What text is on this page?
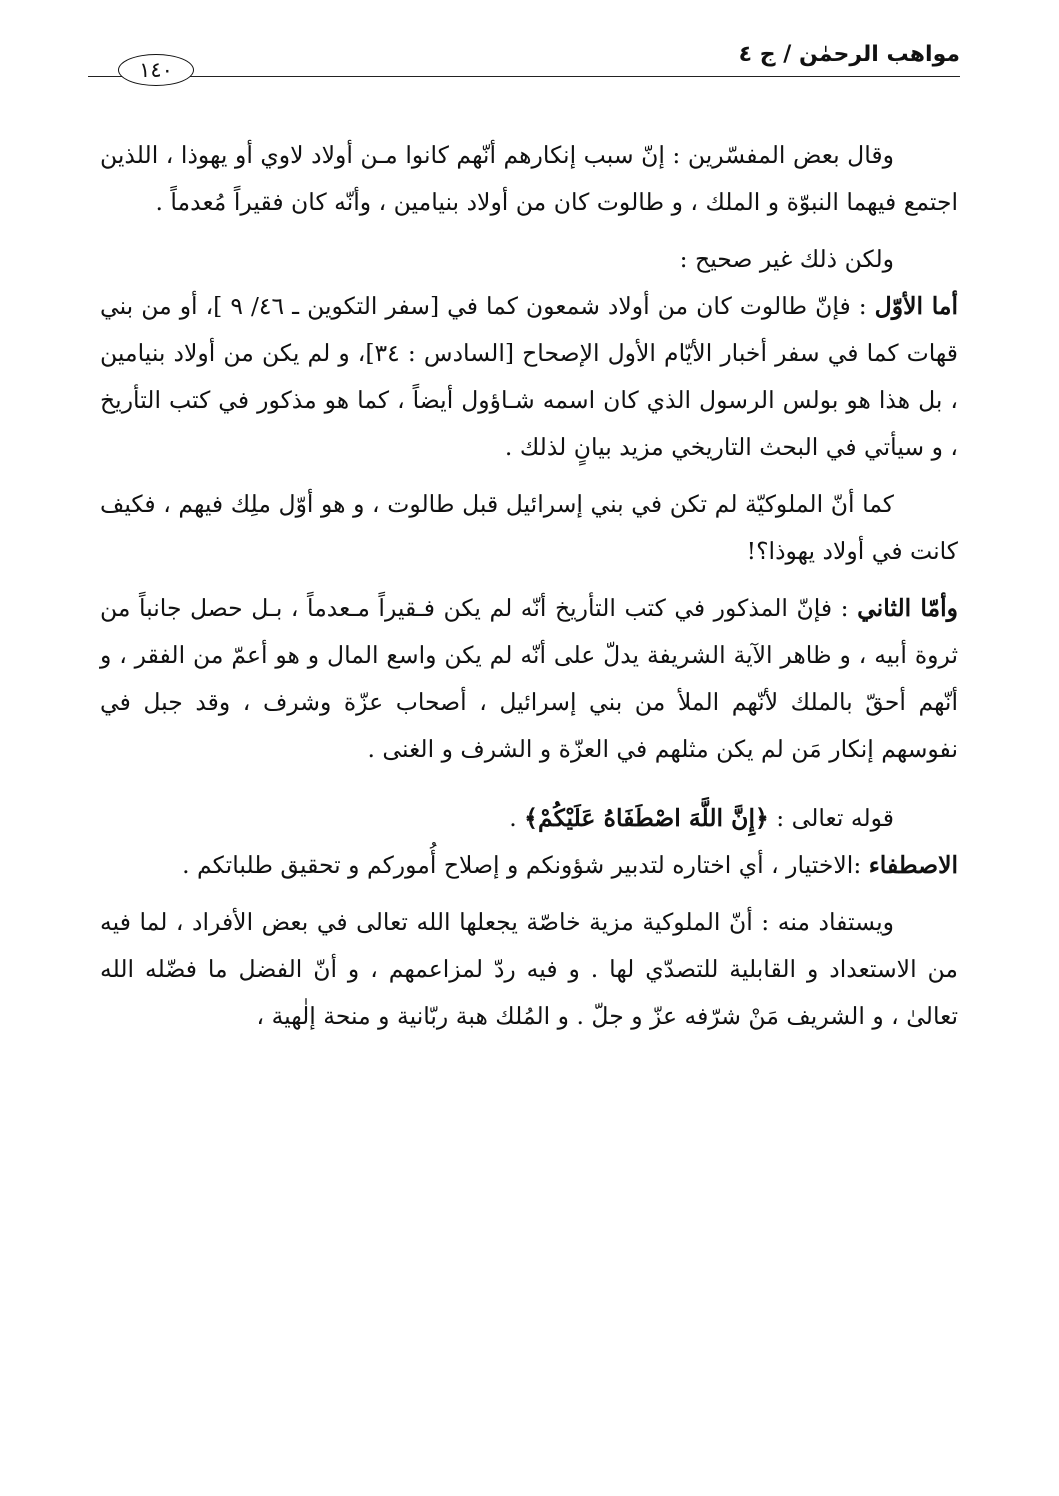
مواهب الرحمٰن / ج ٤
١٤٠

وقال بعض المفسّرين : إنّ سبب إنكارهم أنّهم كانوا مـن أولاد لاوي أو يهوذا ، اللذين اجتمع فيهما النبوّة و الملك ، و طالوت كان من أولاد بنيامين ، وأنّه كان فقيراً مُعدماً .

ولكن ذلك غير صحيح :

أما الأوّل : فإنّ طالوت كان من أولاد شمعون كما في [سفر التكوين ـ ٤٦/ ٩ ]، أو من بني قهات كما في سفر أخبار الأيّام الأول الإصحاح [السادس : ٣٤]، و لم يكن من أولاد بنيامين ، بل هذا هو بولس الرسول الذي كان اسمه شـاؤول أيضاً ، كما هو مذكور في كتب التأريخ ، و سيأتي في البحث التاريخي مزيد بيانٍ لذلك .

كما أنّ الملوكيّة لم تكن في بني إسرائيل قبل طالوت ، و هو أوّل ملِك فيهم ، فكيف كانت في أولاد يهوذا؟!

وأمّا الثاني : فإنّ المذكور في كتب التأريخ أنّه لم يكن فـقيراً مـعدماً ، بـل حصل جانباً من ثروة أبيه ، و ظاهر الآية الشريفة يدلّ على أنّه لم يكن واسع المال و هو أعمّ من الفقر ، و أنّهم أحقّ بالملك لأنّهم الملأ من بني إسرائيل ، أصحاب عزّة وشرف ، وقد جبل في نفوسهم إنكار مَن لم يكن مثلهم في العزّة و الشرف و الغنى .

قوله تعالى : ﴿إِنَّ اللَّهَ اصْطَفَاهُ عَلَيْكُمْ﴾ .

الاصطفاء :الاختيار ، أي اختاره لتدبير شؤونكم و إصلاح أُموركم و تحقيق طلباتكم .

ويستفاد منه : أنّ الملوكية مزية خاصّة يجعلها الله تعالى في بعض الأفراد ، لما فيه من الاستعداد و القابلية للتصدّي لها . و فيه ردّ لمزاعمهم ، و أنّ الفضل ما فضّله الله تعالىٰ ، و الشريف مَنْ شرّفه عزّ و جلّ . و المُلك هبة ربّانية و منحة إلٰهية ،
